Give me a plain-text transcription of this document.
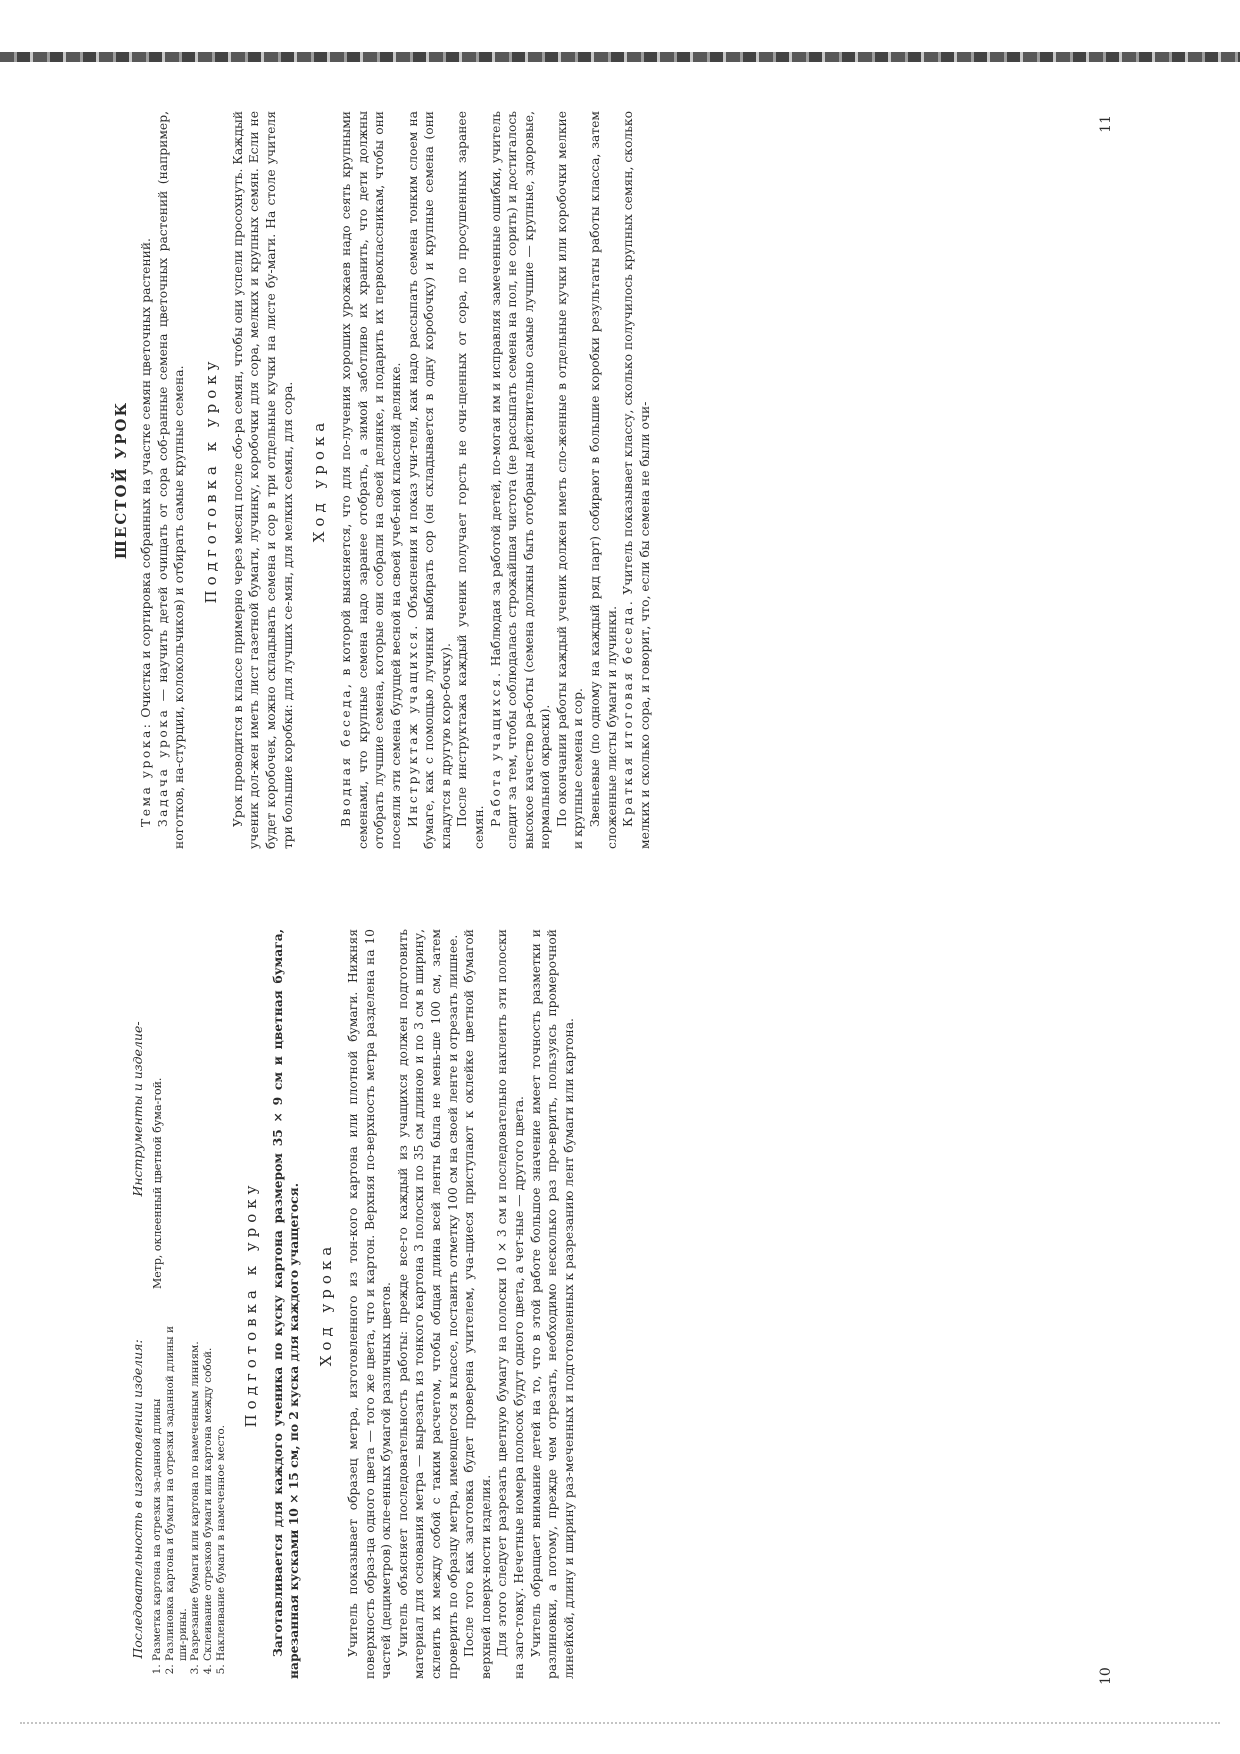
Последовательность в изготовлении изделия: 1. Разметка картона на отрезки за-данной длины 2. Разлиновка картона и бумаги на отрезки заданной длины и ши-рины. 3. Разрезание бумаги или картона по намеченным линиям. 4. Склеивание отрезков бумаги или картона между собой. 5. Наклеивание бумаги в намеченное место.
Инструменты и изделие- Метр, оклеенный цветной бума-гой.	Подготовка к уроку Заготавливается для каждого ученика по куску картона размером 35 × 9 см и цветная бумага, нарезанная кусками 10 × 15 см, по 2 куска для каждого учащегося. Ход урока Учитель показывает образец метра, изготовленного из тон-кого картона или плотной бумаги. Нижняя поверхность образ-ца одного цвета — того же цвета, что и картон. Верхняя по-верхность метра разделена на 10 частей (дециметров) окле-енных бумагой различных цветов. Учитель объясняет последовательность работы: прежде все-го каждый из учащихся должен подготовить материал для основания метра — вырезать из тонкого картона 3 полоски по 35 см длиною и по 3 см в ширину, склеить их между собой с таким расчетом, чтобы общая длина всей ленты была не мень-ше 100 см, затем проверить по образцу метра, имеющегося в классе, поставить отметку 100 см на своей ленте и отрезать лишнее. После того как заготовка будет проверена учителем, уча-щиеся приступают к оклейке цветной бумагой верхней поверх-ности изделия. Для этого следует разрезать цветную бумагу на полоски 10 × 3 см и последовательно наклеить эти полоски на заго-товку. Нечетные номера полосок будут одного цвета, а чет-ные — другого цвета. Учитель обращает внимание детей на то, что в этой работе большое значение имеет точность разметки и разлиновки, а потому, прежде чем отрезать, необходимо несколько раз про-верить, пользуясь промерочной линейкой, длину и ширину раз-меченных и подготовленных к разрезанию лент бумаги или картона.	10
ШЕСТОЙ УРОК

Тема урока: Очистка и сортировка собранных на участке семян цветочных растений.

Задача урока — научить детей очищать от сора соб-ранные семена цветочных растений (например, ноготков, на-стурции, колокольчиков) и отбирать самые крупные семена. Подготовка к уроку Урок проводится в классе примерно через месяц после сбо-ра семян, чтобы они успели просохнуть. Каждый ученик дол-жен иметь лист газетной бумаги, лучинку, коробочки для сора, мелких и крупных семян. Если не будет коробочек, можно складывать семена и сор в три отдельные кучки на листе бу-маги. На столе учителя три большие коробки: для лучших се-мян, для мелких семян, для сора. Ход урока

Вводная беседа, в которой выясняется, что для по-лучения хороших урожаев надо сеять крупными семенами, что крупные семена надо заранее отобрать, а зимой заботливо их хранить, что дети должны отобрать лучшие семена, которые они собрали на своей делянке, и подарить их первоклассникам, чтобы они посеяли эти семена будущей весной на своей учеб-ной классной делянке. Инструктаж учащихся. Объяснения и показ учи-теля, как надо рассыпать семена тонким слоем на бумаге, как с помощью лучинки выбирать сор (он складывается в одну коробочку) и крупные семена (они кладутся в другую коро-бочку). После инструктажа каждый ученик получает горсть не очи-щенных от сора, по просушенных заранее семян.

Работа учащихся. Наблюдая за работой детей, по-могая им и исправляя замеченные ошибки, учитель следит за тем, чтобы соблюдалась строжайшая чистота (не рассыпать семена на пол, не сорить) и достигалось высокое качество ра-боты (семена должны быть отобраны действительно самые лучшие — крупные, здоровые, нормальной окраски). По окончании работы каждый ученик должен иметь сло-женные в отдельные кучки или коробочки мелкие и крупные семена и сор. Звеньевые (по одному на каждый ряд парт) собирают в большие коробки результаты работы класса, затем сложенные листы бумаги и лучинки. Краткая итоговая беседа. Учитель показывает классу, сколько получилось крупных семян, сколько мелких и сколько сора, и говорит, что, если бы семена не были очи-

11
